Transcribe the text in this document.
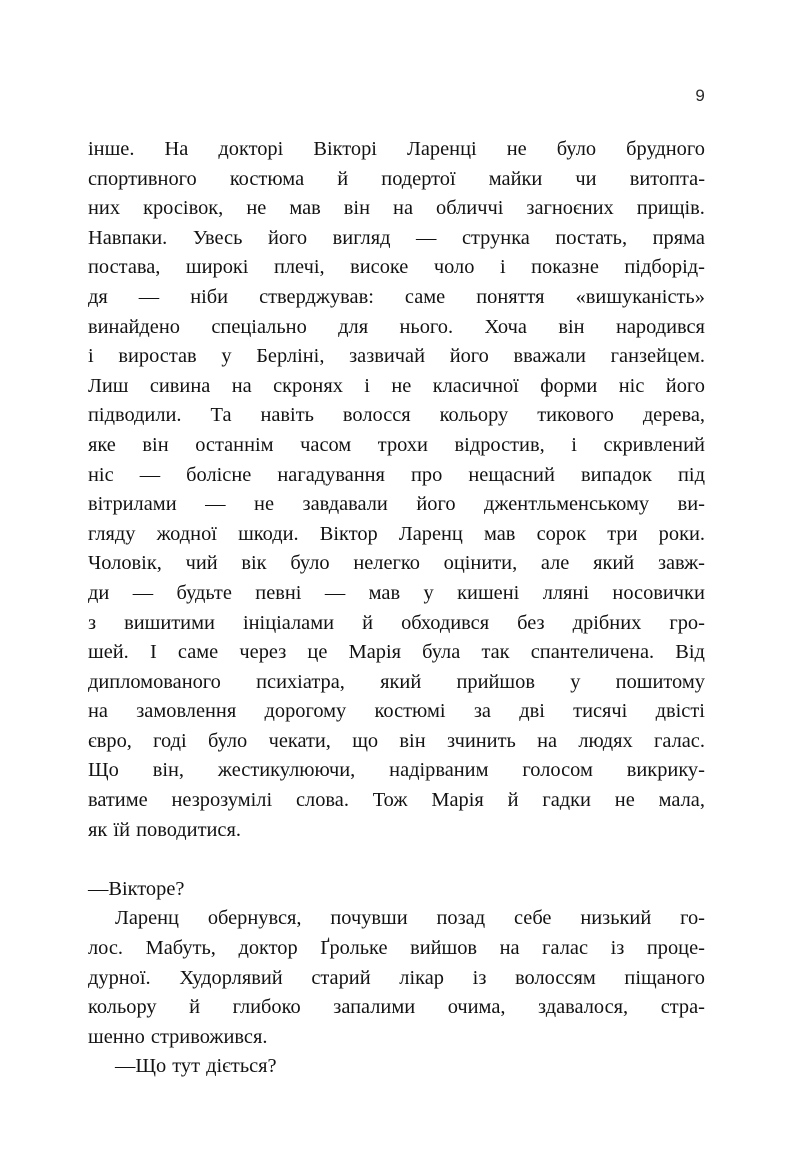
9
інше. На докторі Вікторі Ларенці не було брудного
спортивного костюма й подертої майки чи витопта-
них кросівок, не мав він на обличчі загноєних прищів.
Навпаки. Увесь його вигляд — струнка постать, пряма
постава, широкі плечі, високе чоло і показне підборід-
дя — ніби стверджував: саме поняття «вишуканість»
винайдено спеціально для нього. Хоча він народився
і виростав у Берліні, зазвичай його вважали ганзейцем.
Лиш сивина на скронях і не класичної форми ніс його
підводили. Та навіть волосся кольору тикового дерева,
яке він останнім часом трохи відростив, і скривлений
ніс — болісне нагадування про нещасний випадок під
вітрилами — не завдавали його джентльменському ви-
гляду жодної шкоди. Віктор Ларенц мав сорок три роки.
Чоловік, чий вік було нелегко оцінити, але який завж-
ди — будьте певні — мав у кишені лляні носовички
з вишитими ініціалами й обходився без дрібних гро-
шей. І саме через це Марія була так спантеличена. Від
дипломованого психіатра, який прийшов у пошитому
на замовлення дорогому костюмі за дві тисячі двісті
євро, годі було чекати, що він зчинить на людях галас.
Що він, жестикулюючи, надірваним голосом викрику-
ватиме незрозумілі слова. Тож Марія й гадки не мала,
як їй поводитися.
—Вікторе?
Ларенц обернувся, почувши позад себе низький го-
лос. Мабуть, доктор Ґрольке вийшов на галас із проце-
дурної. Худорлявий старий лікар із волоссям піщаного
кольору й глибоко запалими очима, здавалося, стра-
шенно стривожився.
—Що тут діється?
